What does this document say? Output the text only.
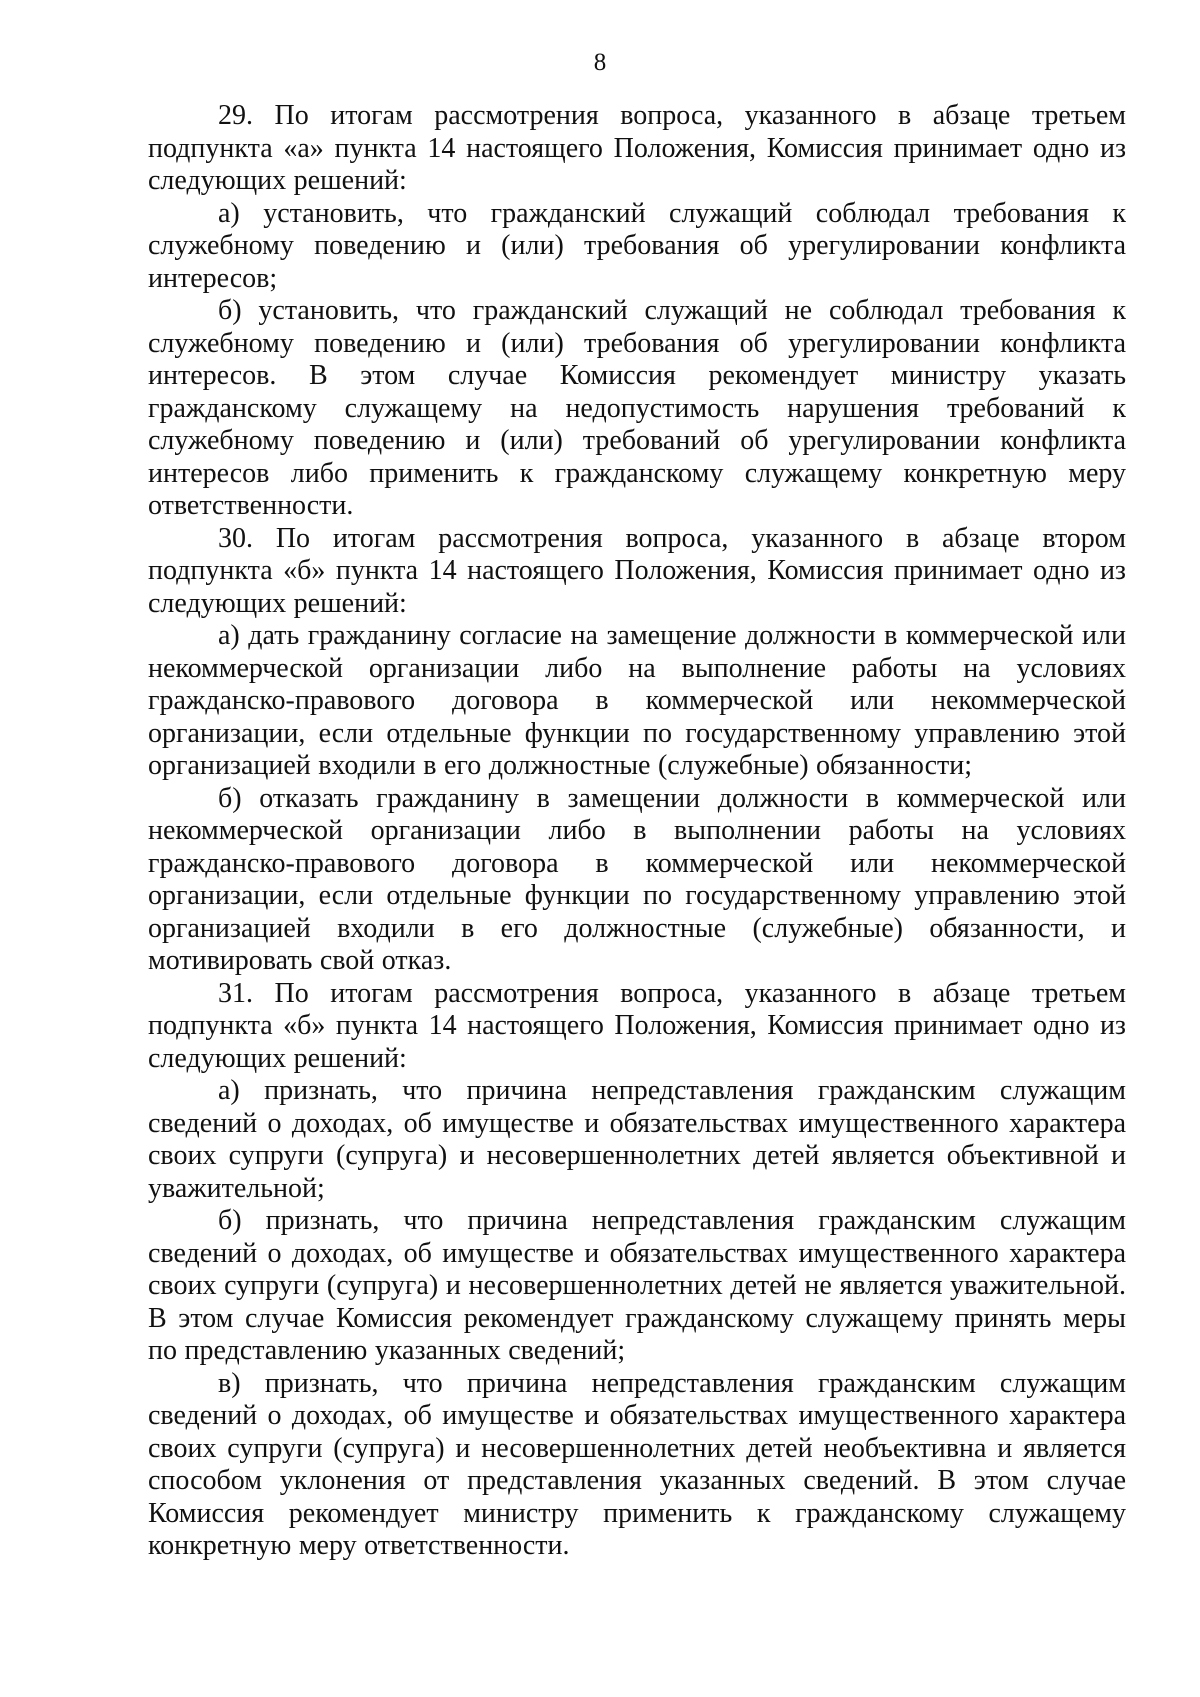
8

29. По итогам рассмотрения вопроса, указанного в абзаце третьем подпункта «а» пункта 14 настоящего Положения, Комиссия принимает одно из следующих решений:

а) установить, что гражданский служащий соблюдал требования к служебному поведению и (или) требования об урегулировании конфликта интересов;

б) установить, что гражданский служащий не соблюдал требования к служебному поведению и (или) требования об урегулировании конфликта интересов. В этом случае Комиссия рекомендует министру указать гражданскому служащему на недопустимость нарушения требований к служебному поведению и (или) требований об урегулировании конфликта интересов либо применить к гражданскому служащему конкретную меру ответственности.

30. По итогам рассмотрения вопроса, указанного в абзаце втором подпункта «б» пункта 14 настоящего Положения, Комиссия принимает одно из следующих решений:

а) дать гражданину согласие на замещение должности в коммерческой или некоммерческой организации либо на выполнение работы на условиях гражданско-правового договора в коммерческой или некоммерческой организации, если отдельные функции по государственному управлению этой организацией входили в его должностные (служебные) обязанности;

б) отказать гражданину в замещении должности в коммерческой или некоммерческой организации либо в выполнении работы на условиях гражданско-правового договора в коммерческой или некоммерческой организации, если отдельные функции по государственному управлению этой организацией входили в его должностные (служебные) обязанности, и мотивировать свой отказ.

31. По итогам рассмотрения вопроса, указанного в абзаце третьем подпункта «б» пункта 14 настоящего Положения, Комиссия принимает одно из следующих решений:

а) признать, что причина непредставления гражданским служащим сведений о доходах, об имуществе и обязательствах имущественного характера своих супруги (супруга) и несовершеннолетних детей является объективной и уважительной;

б) признать, что причина непредставления гражданским служащим сведений о доходах, об имуществе и обязательствах имущественного характера своих супруги (супруга) и несовершеннолетних детей не является уважительной. В этом случае Комиссия рекомендует гражданскому служащему принять меры по представлению указанных сведений;

в) признать, что причина непредставления гражданским служащим сведений о доходах, об имуществе и обязательствах имущественного характера своих супруги (супруга) и несовершеннолетних детей необъективна и является способом уклонения от представления указанных сведений. В этом случае Комиссия рекомендует министру применить к гражданскому служащему конкретную меру ответственности.
